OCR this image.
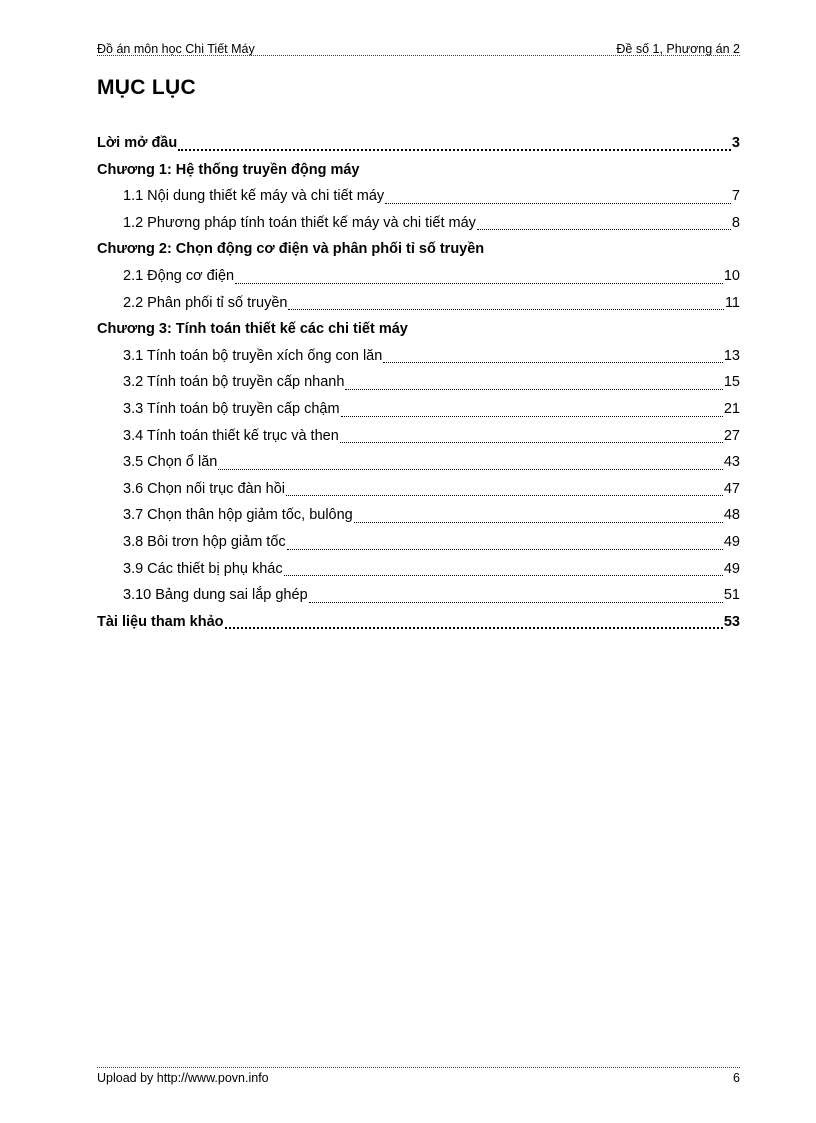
Đồ án môn học Chi Tiết Máy	Đề số 1, Phương án 2
MỤC LỤC
Lời mở đầu	3
Chương 1: Hệ thống truyền động máy
1.1 Nội dung thiết kế máy và chi tiết máy	7
1.2 Phương pháp tính toán thiết kế máy và chi tiết máy	8
Chương 2: Chọn động cơ điện và phân phối tỉ số truyền
2.1 Động cơ điện	10
2.2 Phân phối tỉ số truyền	11
Chương 3: Tính toán thiết kế các chi tiết máy
3.1 Tính toán bộ truyền xích ống con lăn	13
3.2 Tính toán bộ truyền cấp nhanh	15
3.3 Tính toán bộ truyền cấp chậm	21
3.4 Tính toán thiết kế trục và then	27
3.5 Chọn ổ lăn	43
3.6 Chọn nối trục đàn hồi	47
3.7 Chọn thân hộp giảm tốc, bulông	48
3.8 Bôi trơn hộp giảm tốc	49
3.9 Các thiết bị phụ khác	49
3.10 Bảng dung sai lắp ghép	51
Tài liệu tham khảo	53
Upload by http://www.povn.info	6
